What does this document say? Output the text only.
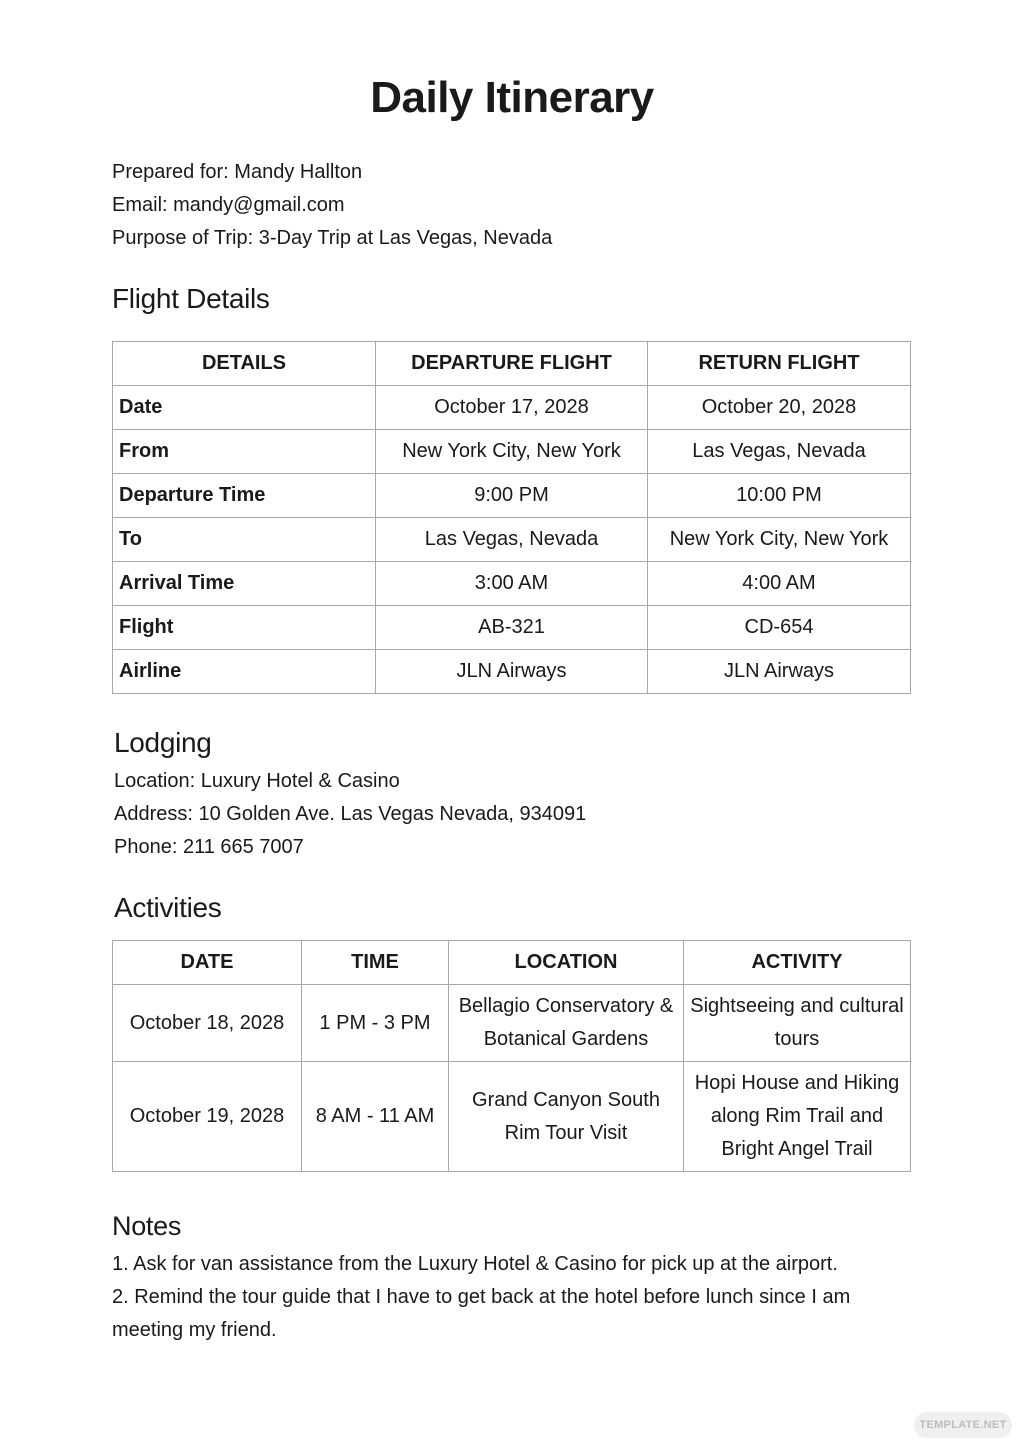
Daily Itinerary
Prepared for: Mandy Hallton
Email: mandy@gmail.com
Purpose of Trip: 3-Day Trip at Las Vegas, Nevada
Flight Details
DETAILS	DEPARTURE FLIGHT	RETURN FLIGHT
Date	October 17, 2028	October 20, 2028
From	New York City, New York	Las Vegas, Nevada
Departure Time	9:00 PM	10:00 PM
To	Las Vegas, Nevada	New York City, New York
Arrival Time	3:00 AM	4:00 AM
Flight	AB-321	CD-654
Airline	JLN Airways	JLN Airways
Lodging
Location: Luxury Hotel & Casino
Address: 10 Golden Ave. Las Vegas Nevada, 934091
Phone: 211 665 7007
Activities
DATE	TIME	LOCATION	ACTIVITY
October 18, 2028	1 PM - 3 PM	Bellagio Conservatory & Botanical Gardens	Sightseeing and cultural tours
October 19, 2028	8 AM - 11 AM	Grand Canyon South Rim Tour Visit	Hopi House and Hiking along Rim Trail and Bright Angel Trail
Notes
1. Ask for van assistance from the Luxury Hotel & Casino for pick up at the airport.
2. Remind the tour guide that I have to get back at the hotel before lunch since I am meeting my friend.
TEMPLATE.NET
